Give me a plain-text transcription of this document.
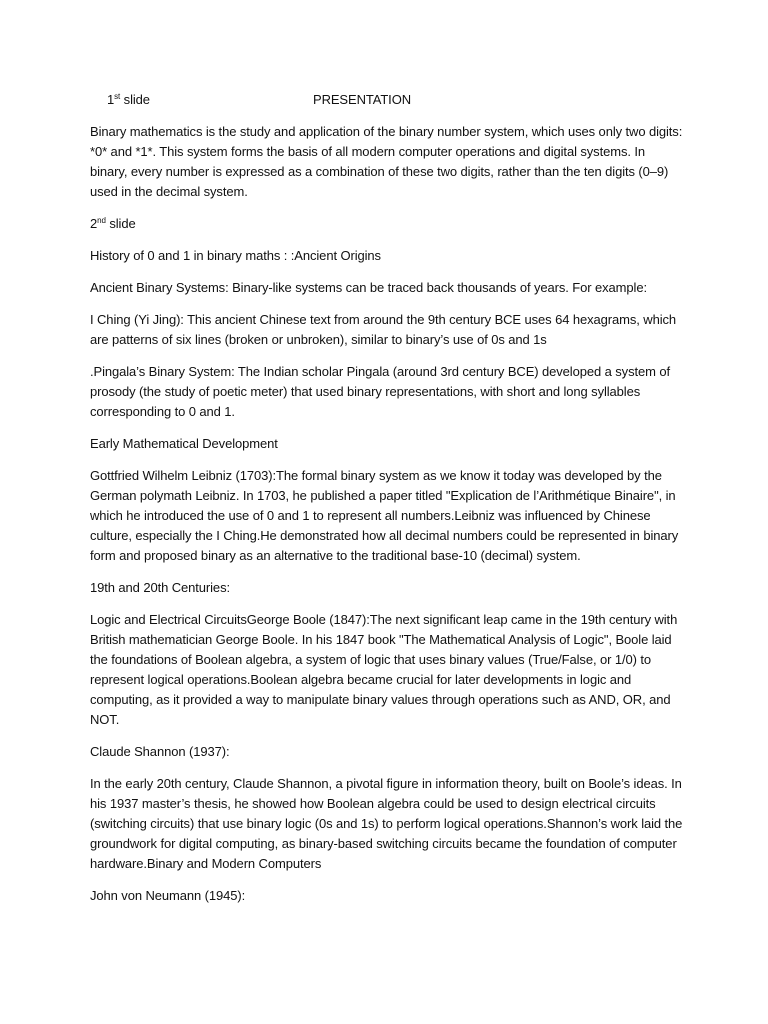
1st slide	PRESENTATION

Binary mathematics is the study and application of the binary number system, which uses only two digits: *0* and *1*. This system forms the basis of all modern computer operations and digital systems. In binary, every number is expressed as a combination of these two digits, rather than the ten digits (0–9) used in the decimal system.

2nd slide

History of 0 and 1 in binary maths : :Ancient Origins

Ancient Binary Systems: Binary-like systems can be traced back thousands of years. For example:

I Ching (Yi Jing): This ancient Chinese text from around the 9th century BCE uses 64 hexagrams, which are patterns of six lines (broken or unbroken), similar to binary’s use of 0s and 1s

.Pingala’s Binary System: The Indian scholar Pingala (around 3rd century BCE) developed a system of prosody (the study of poetic meter) that used binary representations, with short and long syllables corresponding to 0 and 1.

Early Mathematical Development

Gottfried Wilhelm Leibniz (1703):The formal binary system as we know it today was developed by the German polymath Leibniz. In 1703, he published a paper titled "Explication de l’Arithmétique Binaire", in which he introduced the use of 0 and 1 to represent all numbers.Leibniz was influenced by Chinese culture, especially the I Ching.He demonstrated how all decimal numbers could be represented in binary form and proposed binary as an alternative to the traditional base-10 (decimal) system.

19th and 20th Centuries:

Logic and Electrical CircuitsGeorge Boole (1847):The next significant leap came in the 19th century with British mathematician George Boole. In his 1847 book "The Mathematical Analysis of Logic", Boole laid the foundations of Boolean algebra, a system of logic that uses binary values (True/False, or 1/0) to represent logical operations.Boolean algebra became crucial for later developments in logic and computing, as it provided a way to manipulate binary values through operations such as AND, OR, and NOT.

Claude Shannon (1937):

In the early 20th century, Claude Shannon, a pivotal figure in information theory, built on Boole’s ideas. In his 1937 master’s thesis, he showed how Boolean algebra could be used to design electrical circuits (switching circuits) that use binary logic (0s and 1s) to perform logical operations.Shannon’s work laid the groundwork for digital computing, as binary-based switching circuits became the foundation of computer hardware.Binary and Modern Computers

John von Neumann (1945):
